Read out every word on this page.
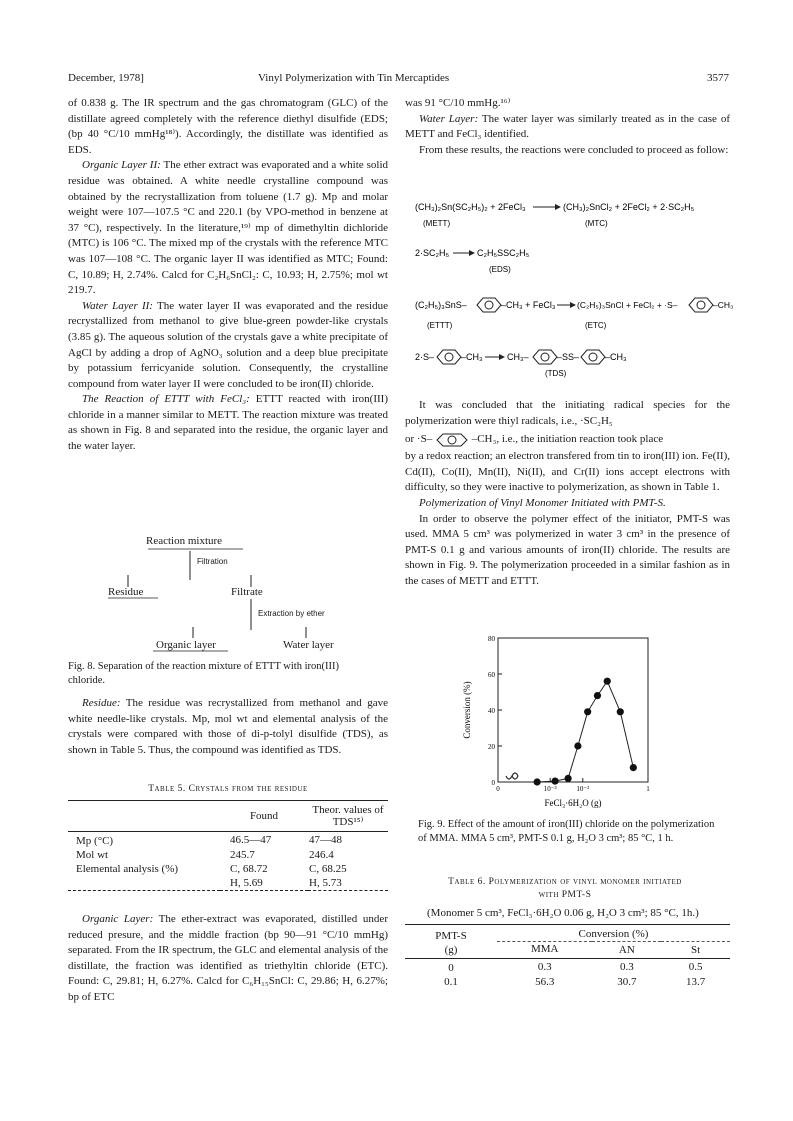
December, 1978]	Vinyl Polymerization with Tin Mercaptides	3577

of 0.838 g. The IR spectrum and the gas chromatogram (GLC) of the distillate agreed completely with the reference diethyl disulfide (EDS; (bp 40 °C/10 mmHg¹⁸⁾). Accordingly, the distillate was identified as EDS.

Organic Layer II: The ether extract was evaporated and a white solid residue was obtained. A white needle crystalline compound was obtained by the recrystallization from toluene (1.7 g). Mp and molar weight were 107—107.5 °C and 220.1 (by VPO-method in benzene at 37 °C), respectively. In the literature,¹⁹⁾ mp of dimethyltin dichloride (MTC) is 106 °C. The mixed mp of the crystals with the reference MTC was 107—108 °C. The organic layer II was identified as MTC; Found: C, 10.89; H, 2.74%. Calcd for C₂H₆SnCl₂: C, 10.93; H, 2.75%; mol wt 219.7.

Water Layer II: The water layer II was evaporated and the residue recrystallized from methanol to give blue-green powder-like crystals (3.85 g). The aqueous solution of the crystals gave a white precipitate of AgCl by adding a drop of AgNO₃ solution and a deep blue precipitate by potassium ferricyanide solution. Consequently, the crystalline compound from water layer II were concluded to be iron(II) chloride.

The Reaction of ETTT with FeCl₃: ETTT reacted with iron(III) chloride in a manner similar to METT. The reaction mixture was treated as shown in Fig. 8 and separated into the residue, the organic layer and the water layer.

Reaction mixture
Filtration
Residue	Filtrate
Extraction by ether
Organic layer	Water layer
Fig. 8. Separation of the reaction mixture of ETTT with iron(III) chloride.

Residue: The residue was recrystallized from methanol and gave white needle-like crystals. Mp, mol wt and elemental analysis of the crystals were compared with those of di-p-tolyl disulfide (TDS), as shown in Table 5. Thus, the compound was identified as TDS.

Table 5. Crystals from the residue
	Found	Theor. values of TDS¹⁵⁾
Mp (°C)	46.5—47	47—48
Mol wt	245.7	246.4
Elemental analysis (%)	C, 68.72	C, 68.25
	H, 5.69	H, 5.73

Organic Layer: The ether-extract was evaporated, distilled under reduced presure, and the middle fraction (bp 90—91 °C/10 mmHg) separated. From the IR spectrum, the GLC and elemental analysis of the distillate, the fraction was identified as triethyltin chloride (ETC). Found: C, 29.81; H, 6.27%. Calcd for C₆H₁₅SnCl: C, 29.86; H, 6.27%; bp of ETC

was 91 °C/10 mmHg.¹⁶⁾

Water Layer: The water layer was similarly treated as in the case of METT and FeCl₃ identified.

From these results, the reactions were concluded to proceed as follow:

(CH₃)₂Sn(SC₂H₅)₂ + 2FeCl₃	(CH₃)₂SnCl₂ + 2FeCl₂ + 2·SC₂H₅
(METT)	(MTC)
2·SC₂H₅	C₂H₅SSC₂H₅
(EDS)
(C₂H₅)₃SnS–	–CH₃ + FeCl₃	(C₂H₅)₃SnCl + FeCl₂ + ·S–	–CH₃
(ETTT)	(ETC)
2·S–	–CH₃	CH₃–	–SS–	–CH₃
(TDS)

It was concluded that the initiating radical species for the polymerization were thiyl radicals, i.e., ·SC₂H₅

or ·S–	–CH₃, i.e., the initiation reaction took place

by a redox reaction; an electron transfered from tin to iron(III) ion. Fe(II), Cd(II), Co(II), Mn(II), Ni(II), and Cr(II) ions accept electrons with difficulty, so they were inactive to polymerization, as shown in Table 1.

Polymerization of Vinyl Monomer Initiated with PMT-S.

In order to observe the polymer effect of the initiator, PMT-S was used. MMA 5 cm³ was polymerized in water 3 cm³ in the presence of PMT-S 0.1 g and various amounts of iron(II) chloride. The results are shown in Fig. 9. The polymerization proceeded in a similar fashion as in the cases of METT and ETTT.

0
20
40
60
80
0	10⁻³	10⁻²	1
Conversion (%)
FeCl₃·6H₂O (g)
Fig. 9. Effect of the amount of iron(III) chloride on the polymerization of MMA. MMA 5 cm³, PMT-S 0.1 g, H₂O 3 cm³; 85 °C, 1 h.
Table 6. Polymerization of vinyl monomer initiated with PMT-S
(Monomer 5 cm³, FeCl₃·6H₂O 0.06 g, H₂O 3 cm³; 85 °C, 1h.)
PMT-S
(g)	Conversion (%)		
	MMA	AN	St
0	0.3	0.3	0.5
0.1	56.3	30.7	13.7
